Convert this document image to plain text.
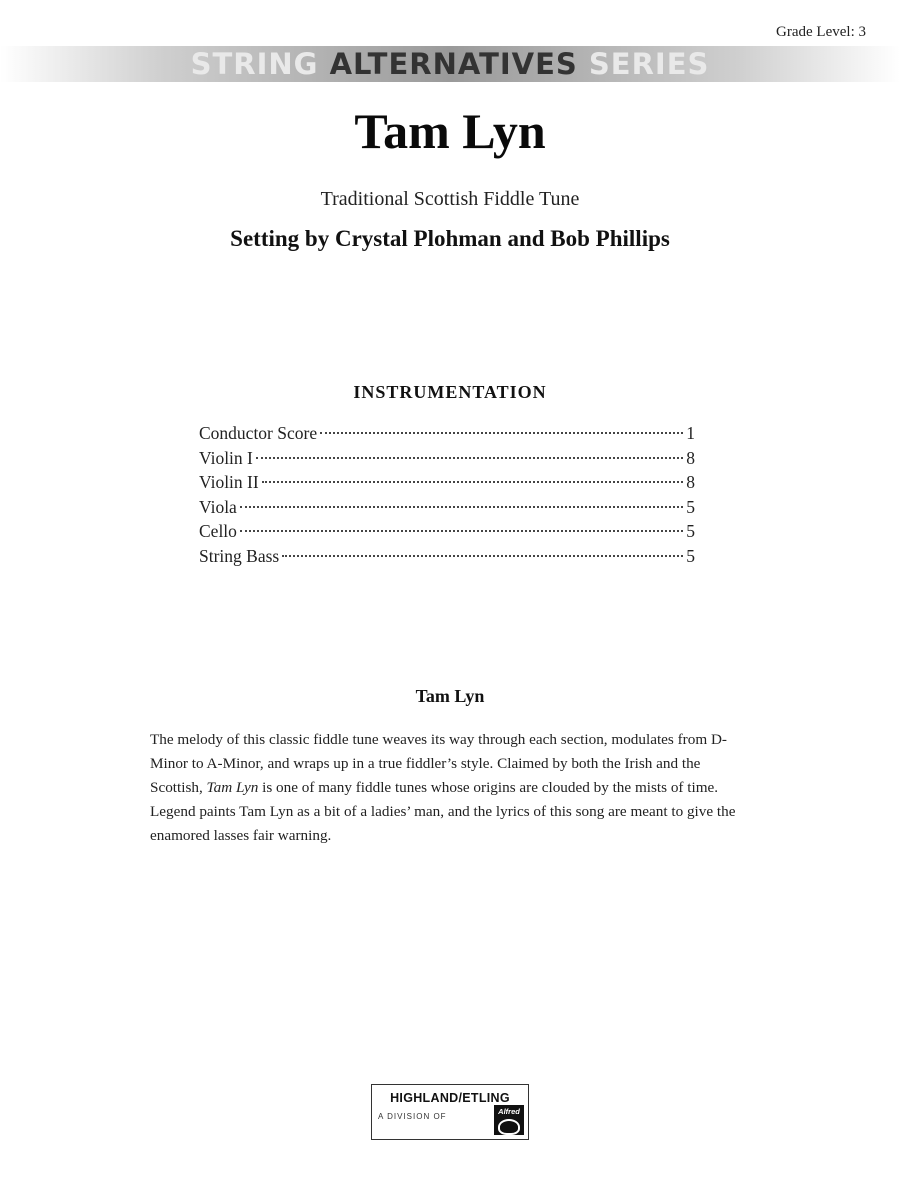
Grade Level: 3
STRING ALTERNATIVES SERIES
Tam Lyn
Traditional Scottish Fiddle Tune
Setting by Crystal Plohman and Bob Phillips
INSTRUMENTATION
Conductor Score	1
Violin I	8
Violin II	8
Viola	5
Cello	5
String Bass	5
Tam Lyn
The melody of this classic fiddle tune weaves its way through each section, modulates from D-Minor to A-Minor, and wraps up in a true fiddler’s style. Claimed by both the Irish and the Scottish, Tam Lyn is one of many fiddle tunes whose origins are clouded by the mists of time. Legend paints Tam Lyn as a bit of a ladies’ man, and the lyrics of this song are meant to give the enamored lasses fair warning.
HIGHLAND/ETLING
A DIVISION OF
Alfred
